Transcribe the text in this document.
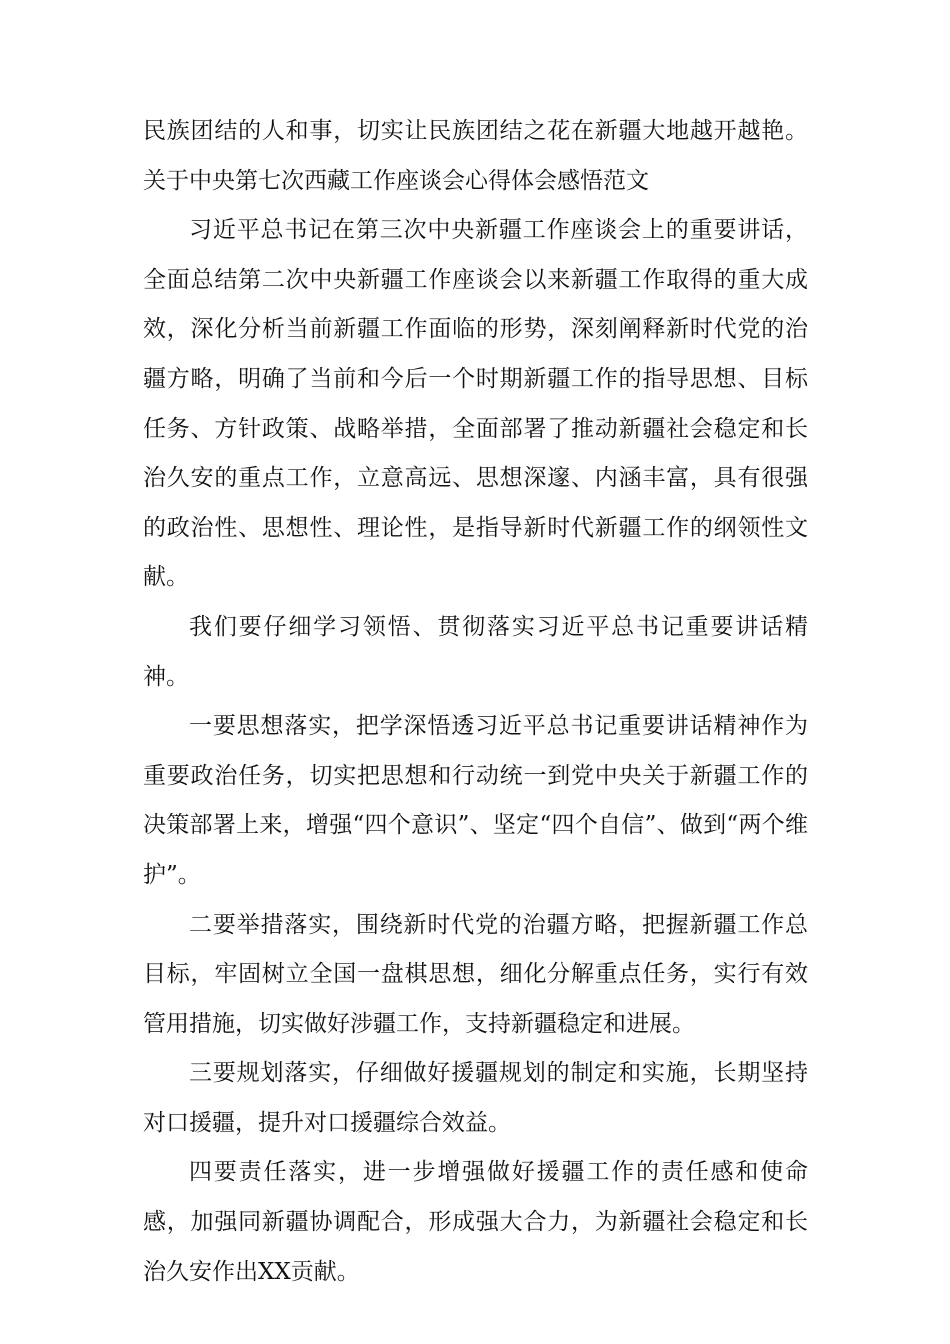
民族团结的人和事，切实让民族团结之花在新疆大地越开越艳。关于中央第七次西藏工作座谈会心得体会感悟范文

习近平总书记在第三次中央新疆工作座谈会上的重要讲话，全面总结第二次中央新疆工作座谈会以来新疆工作取得的重大成效，深化分析当前新疆工作面临的形势，深刻阐释新时代党的治疆方略，明确了当前和今后一个时期新疆工作的指导思想、目标任务、方针政策、战略举措，全面部署了推动新疆社会稳定和长治久安的重点工作，立意高远、思想深邃、内涵丰富，具有很强的政治性、思想性、理论性，是指导新时代新疆工作的纲领性文献。

我们要仔细学习领悟、贯彻落实习近平总书记重要讲话精神。

一要思想落实，把学深悟透习近平总书记重要讲话精神作为重要政治任务，切实把思想和行动统一到党中央关于新疆工作的决策部署上来，增强“四个意识”、坚定“四个自信”、做到“两个维护”。

二要举措落实，围绕新时代党的治疆方略，把握新疆工作总目标，牢固树立全国一盘棋思想，细化分解重点任务，实行有效管用措施，切实做好涉疆工作，支持新疆稳定和进展。

三要规划落实，仔细做好援疆规划的制定和实施，长期坚持对口援疆，提升对口援疆综合效益。

四要责任落实，进一步增强做好援疆工作的责任感和使命感，加强同新疆协调配合，形成强大合力，为新疆社会稳定和长治久安作出XX贡献。
